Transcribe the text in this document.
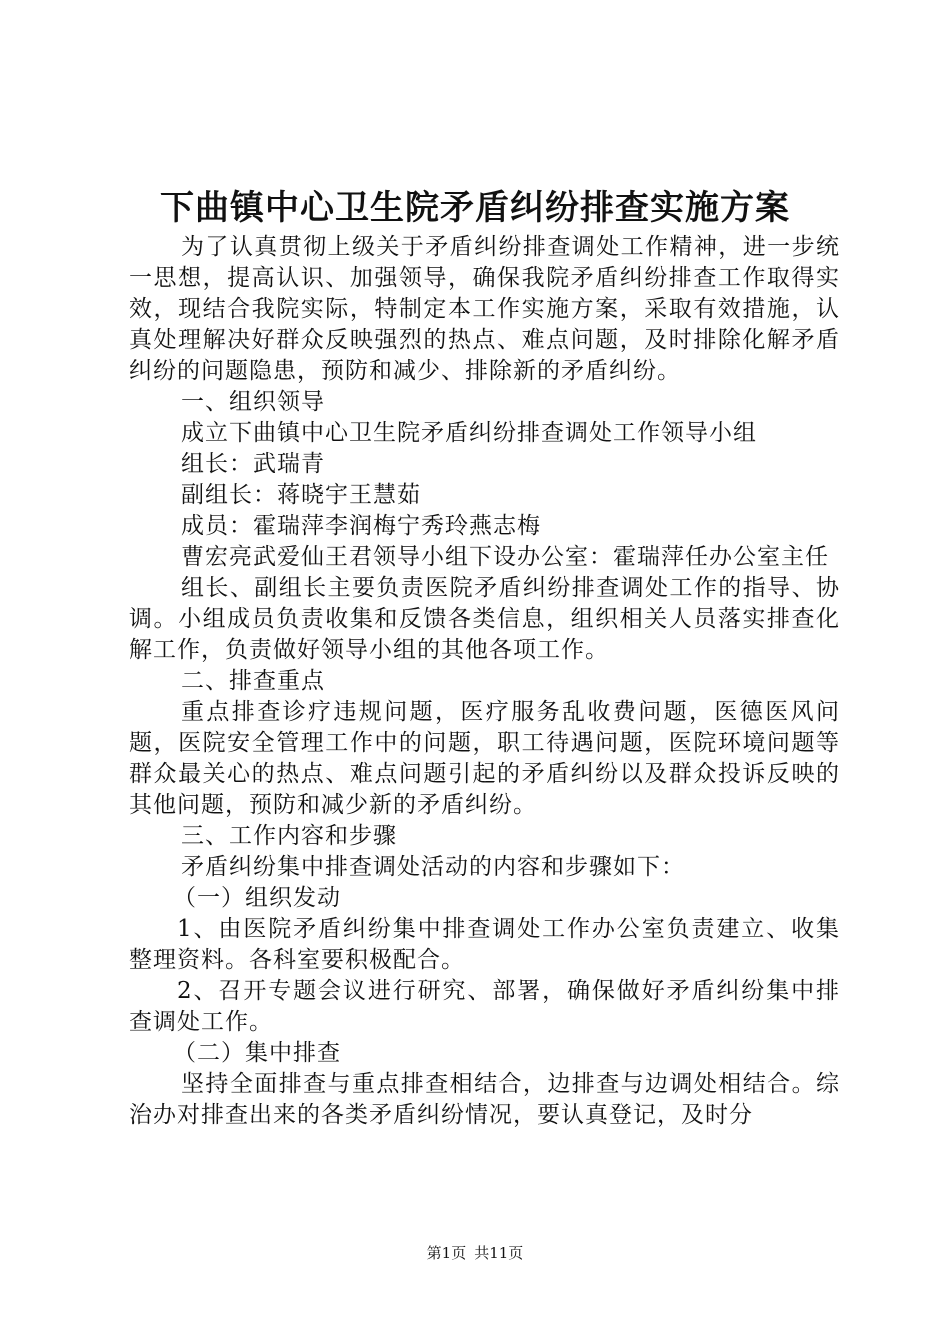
下曲镇中心卫生院矛盾纠纷排查实施方案

为了认真贯彻上级关于矛盾纠纷排查调处工作精神，进一步统一思想，提高认识、加强领导，确保我院矛盾纠纷排查工作取得实效，现结合我院实际，特制定本工作实施方案，采取有效措施，认真处理解决好群众反映强烈的热点、难点问题，及时排除化解矛盾纠纷的问题隐患，预防和减少、排除新的矛盾纠纷。

一、组织领导

成立下曲镇中心卫生院矛盾纠纷排查调处工作领导小组

组长：武瑞青

副组长：蒋晓宇王慧茹

成员：霍瑞萍李润梅宁秀玲燕志梅

曹宏亮武爱仙王君领导小组下设办公室：霍瑞萍任办公室主任

组长、副组长主要负责医院矛盾纠纷排查调处工作的指导、协调。小组成员负责收集和反馈各类信息，组织相关人员落实排查化解工作，负责做好领导小组的其他各项工作。

二、排查重点

重点排查诊疗违规问题，医疗服务乱收费问题，医德医风问题，医院安全管理工作中的问题，职工待遇问题，医院环境问题等群众最关心的热点、难点问题引起的矛盾纠纷以及群众投诉反映的其他问题，预防和减少新的矛盾纠纷。

三、工作内容和步骤

矛盾纠纷集中排查调处活动的内容和步骤如下：

（一）组织发动

1、由医院矛盾纠纷集中排查调处工作办公室负责建立、收集整理资料。各科室要积极配合。

2、召开专题会议进行研究、部署，确保做好矛盾纠纷集中排查调处工作。

（二）集中排查

坚持全面排查与重点排查相结合，边排查与边调处相结合。综治办对排查出来的各类矛盾纠纷情况，要认真登记，及时分

第1页 共11页
